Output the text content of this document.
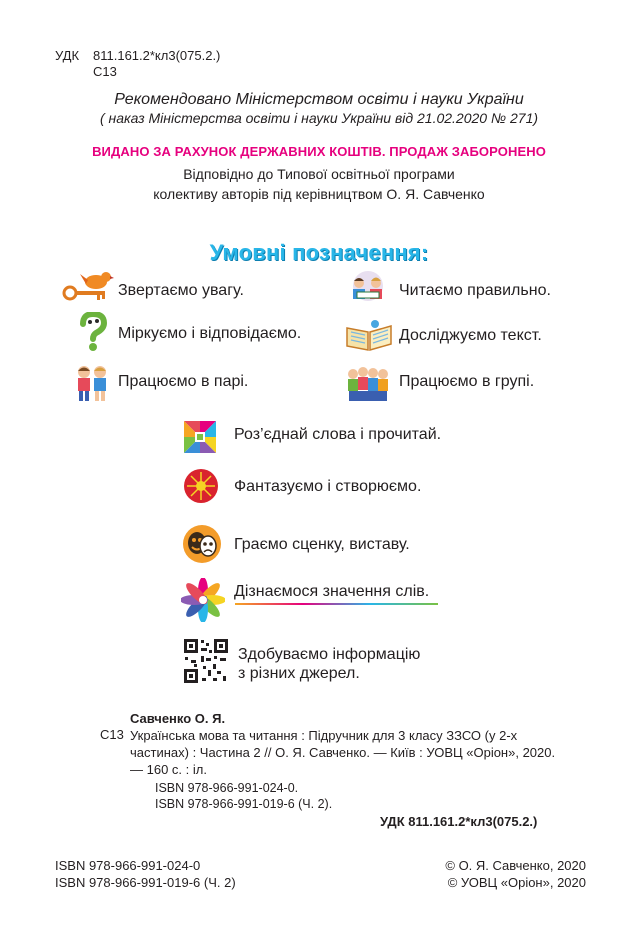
УДК 811.161.2*кл3(075.2.)
С13
Рекомендовано Міністерством освіти і науки України
( наказ Міністерства освіти і науки України від 21.02.2020 № 271)
ВИДАНО ЗА РАХУНОК ДЕРЖАВНИХ КОШТІВ. ПРОДАЖ ЗАБОРОНЕНО
Відповідно до Типової освітньої програми
колективу авторів під керівництвом О. Я. Савченко
Умовні позначення:
Звертаємо увагу.	Читаємо правильно.
Міркуємо і відповідаємо.	Досліджуємо текст.
Працюємо в парі.	Працюємо в групі.
Роз’єднай слова і прочитай.
Фантазуємо і створюємо.
Граємо сценку, виставу.
Дізнаємося значення слів.
Здобуваємо інформацію
з різних джерел.
Савченко О. Я.
С13 Українська мова та читання : Підручник для 3 класу ЗЗСО (у 2-х частинах) : Частина 2 // О. Я. Савченко. — Київ : УОВЦ «Оріон», 2020. — 160 с. : іл.
ISBN 978-966-991-024-0.
ISBN 978-966-991-019-6 (Ч. 2).
УДК 811.161.2*кл3(075.2.)
ISBN 978-966-991-024-0
ISBN 978-966-991-019-6 (Ч. 2)
© О. Я. Савченко, 2020
© УОВЦ «Оріон», 2020
